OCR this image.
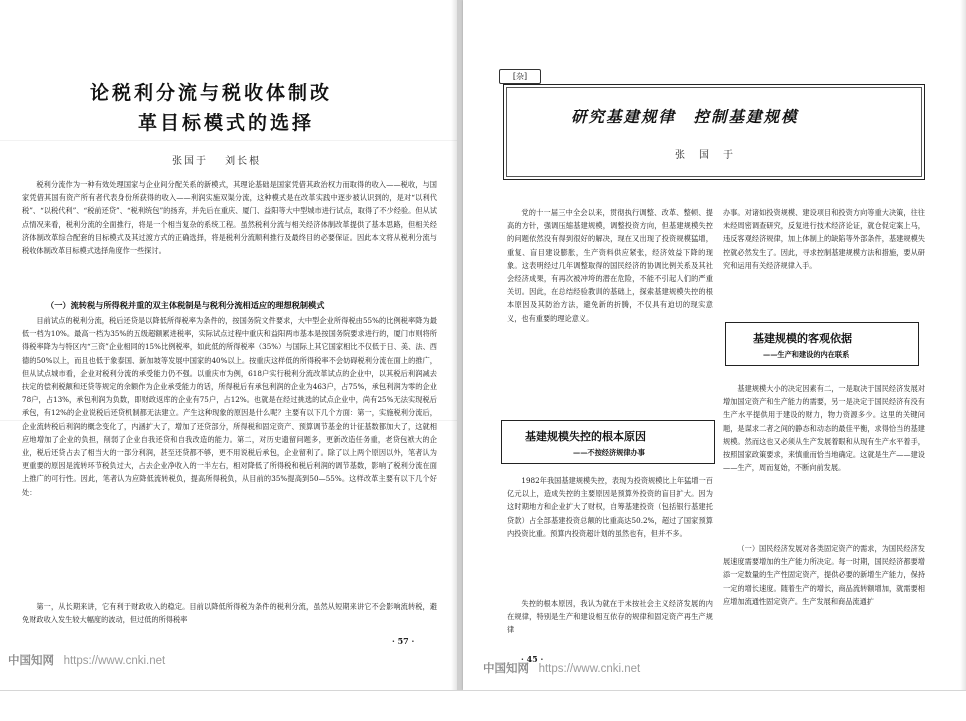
论税利分流与税收体制改
革目标模式的选择
张国于　 刘长根

税利分流作为一种有效处理国家与企业间分配关系的新模式，其理论基础是国家凭借其政治权力而取得的收入——税收，与国家凭借其国有资产所有者代表身份所获得的收入——利润实施双渠分流，这种模式是在改革实践中逐步被认识到的，是对“以利代税”、“以税代利”、“税前还贷”、“税利统包”的扬弃，并先后在重庆、厦门、益阳等大中型城市进行试点，取得了不少经验。但从试点情况来看，税利分流的全面推行，将是一个相当复杂的系统工程。虽然税利分流与相关经济体制改革提供了基本思路，但相关经济体制改革综合配套的目标模式及其过渡方式的正确选择，将是税利分流顺利推行及最终目的必要保证。因此本文将从税利分流与税收体制改革目标模式选择角度作一些探讨。

（一）流转税与所得税并重的双主体税制是与税利分流相适应的理想税制模式

目前试点的税利分流，税后还贷是以降低所得税率为条件的，按国务院文件要求，大中型企业所得税由55%的比例税率降为最低一档为10%。最高一档为35%的五级超额累进税率，实际试点过程中重庆和益阳两市基本是按国务院要求进行的，厦门市则将所得税率降为与特区内“三资”企业相同的15%比例税率，如此低的所得税率（35%）与国际上其它国家相比不仅低于日、美、法、西德的50%以上，而且也低于象泰国、新加坡等发展中国家的40%以上。按重庆这样低的所得税率不会妨碍税利分流在面上的推广，但从试点城市看，企业对税利分流的承受能力仍不强。以重庆市为例，618户实行税利分流改革试点的企业中，以其税后利润减去扶定的偿利税额和还贷等规定的余额作为企业承受能力的话，所得税后有承包利润的企业为463户，占75%，承包利润为零的企业78户，占13%，承包利润为负数，即财政返库的企业有75户，占12%。也就是在经过挑选的试点企业中，尚有25%无法实现税后承包，有12%的企业说税后还贷机制都无法建立。产生这种现象的原因是什么呢？主要有以下几个方面：第一，实施税利分流后，企业流转税后利润的概念变化了，内涵扩大了，增加了还贷部分，所得税和固定资产、预算调节基金的计征基数都加大了，这就相应地增加了企业的负担，削弱了企业自我还贷和自我改造的能力。第二，对历史遗留问题多，更新改造任务重，老贷包袱大的企业，税后还贷占去了相当大的一部分利润，甚至还贷都不够，更不用说税后承包，企业留利了。除了以上两个原因以外，笔者认为更重要的原因是流转环节税负过大，占去企业净收入的一半左右，相对降低了所得税和税后利润的调节基数，影响了税利分流在面上推广的可行性。因此，笔者认为应降低流转税负，提高所得税负，从目前的35%提高到50—55%。这样改革主要有以下几个好处：

第一，从长期来讲，它有利于财政收入的稳定。目前以降低所得税为条件的税利分流，虽然从短期来讲它不会影响流转税，避免财政收入发生较大幅度的波动，但过低的所得税率

· 57 ·
中国知网 https://www.cnki.net
[杂]
研究基建规律　控制基建规模
张　国　于

党的十一届三中全会以来，贯彻执行调整、改革、整顿、提高的方针，强调压缩基建规模，调整投资方向，但基建规模失控的问题依然没有得到很好的解决，现在又出现了投资规模猛增，重复、盲目建设膨胀，生产资料供应紧张，经济效益下降的现象。这表明经过几年调整取得的国民经济的协调比例关系及其社会经济成果，有再次被冲垮的潜在危险，不能不引起人们的严重关切。因此，在总结经验教训的基础上，探索基建规模失控的根本原因及其防治方法，避免新的折腾，不仅具有迫切的现实意义，也有重要的理论意义。

基建规模失控的根本原因
——不按经济规律办事

1982年我国基建规模失控，表现为投资规模比上年猛增一百亿元以上，造成失控的主要原因是预算外投资的盲目扩大。因为这时期地方和企业扩大了财权，自筹基建投资（包括银行基建托贷款）占全部基建投资总额的比重高达50.2%，超过了国家预算内投资比重。预算内投资超计划的虽然也有，但并不多。

失控的根本原因，我认为就在于未按社会主义经济发展的内在规律，特别是生产和建设相互依存的规律和固定资产再生产规律

办事。对诸如投资规模、建设项目和投资方向等重大决策，往往未经周密调查研究，反复进行技术经济论证，就仓促定案上马，违反客观经济规律，加上体制上的缺陷等外部条件，基建规模失控就必然发生了。因此，寻求控制基建规模方法和措施，要从研究和运用有关经济规律入手。

基建规模的客观依据
——生产和建设的内在联系

基建规模大小的决定因素有二，一是取决于国民经济发展对增加国定资产和生产能力的需要，另一是决定于国民经济有没有生产水平提供用于建设的财力，物力资源多少。这里的关键问题，是谋求二者之间的静态和动态的最佳平衡，求得恰当的基建规模。然而这也又必须从生产发展着眼和从现有生产水平着手，按照国家政策要求，来慎重而恰当地确定。这就是生产——建设——生产，周而复始，不断向前发展。

（一）国民经济发展对各类固定资产的需求，为国民经济发展速度需要增加的生产能力所决定。每一时期，国民经济都要增添一定数量的生产性固定资产，提供必要的新增生产能力，保持一定的增长速度。随着生产的增长，商品流转额增加，就需要相应增加流通性固定资产。生产发展和商品流通扩

· 45 ·
中国知网 https://www.cnki.net
